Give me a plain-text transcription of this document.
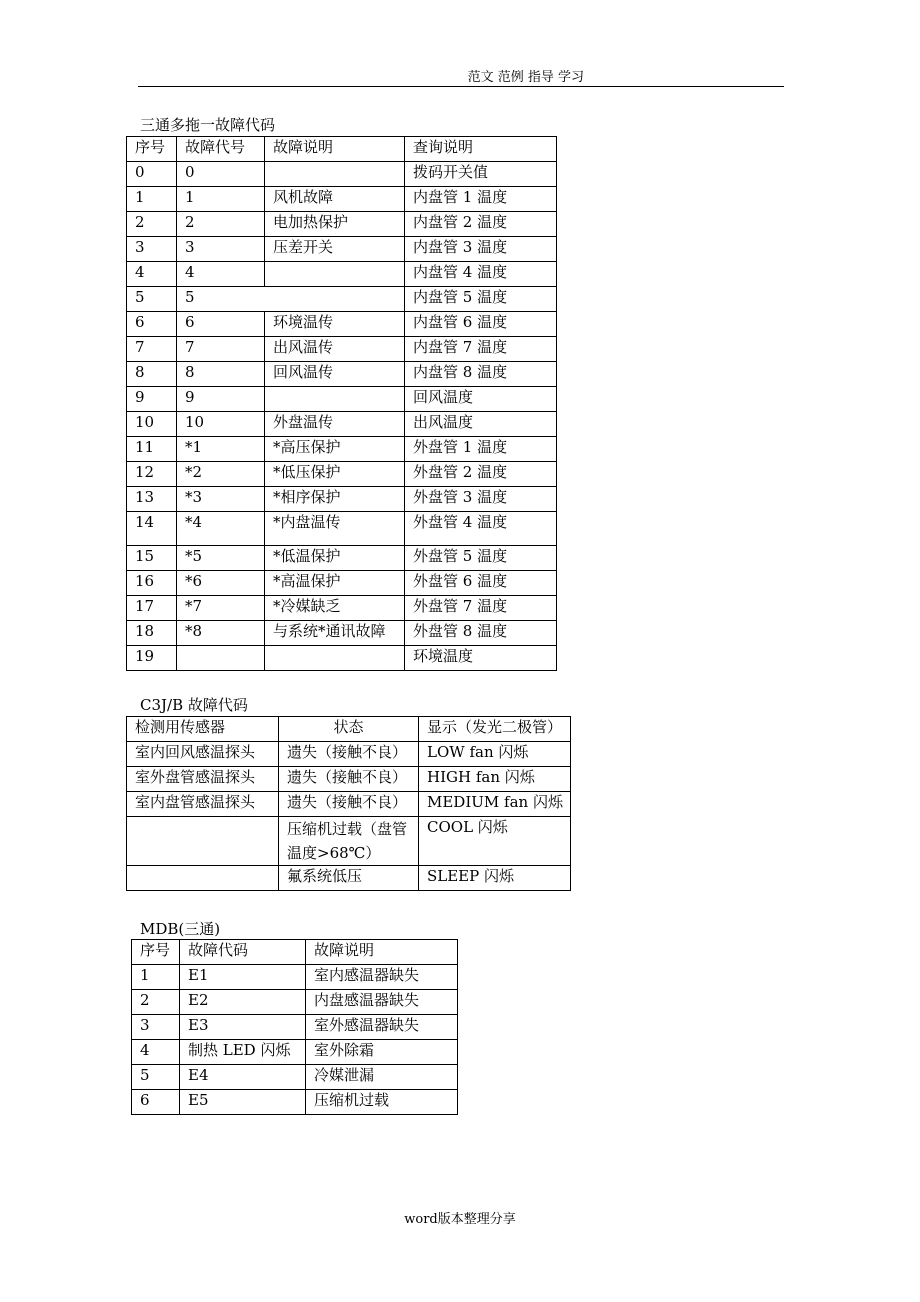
范文 范例 指导 学习
三通多拖一故障代码
序号	故障代号	故障说明	查询说明
0	0		拨码开关值
1	1	风机故障	内盘管 1 温度
2	2	电加热保护	内盘管 2 温度
3	3	压差开关	内盘管 3 温度
4	4		内盘管 4 温度
5	5		内盘管 5 温度
6	6	环境温传	内盘管 6 温度
7	7	出风温传	内盘管 7 温度
8	8	回风温传	内盘管 8 温度
9	9		回风温度
10	10	外盘温传	出风温度
11	*1	*高压保护	外盘管 1 温度
12	*2	*低压保护	外盘管 2 温度
13	*3	*相序保护	外盘管 3 温度
14	*4	*内盘温传	外盘管 4 温度
15	*5	*低温保护	外盘管 5 温度
16	*6	*高温保护	外盘管 6 温度
17	*7	*冷媒缺乏	外盘管 7 温度
18	*8	与系统*通讯故障	外盘管 8 温度
19			环境温度
C3J/B 故障代码
检测用传感器	状态	显示（发光二极管）
室内回风感温探头	遗失（接触不良）	LOW fan 闪烁
室外盘管感温探头	遗失（接触不良）	HIGH fan 闪烁
室内盘管感温探头	遗失（接触不良）	MEDIUM fan 闪烁
	压缩机过载（盘管温度>68℃）	COOL 闪烁
	氟系统低压	SLEEP 闪烁
MDB(三通)
序号	故障代码	故障说明
1	E1	室内感温器缺失
2	E2	内盘感温器缺失
3	E3	室外感温器缺失
4	制热 LED 闪烁	室外除霜
5	E4	冷媒泄漏
6	E5	压缩机过载
word版本整理分享
